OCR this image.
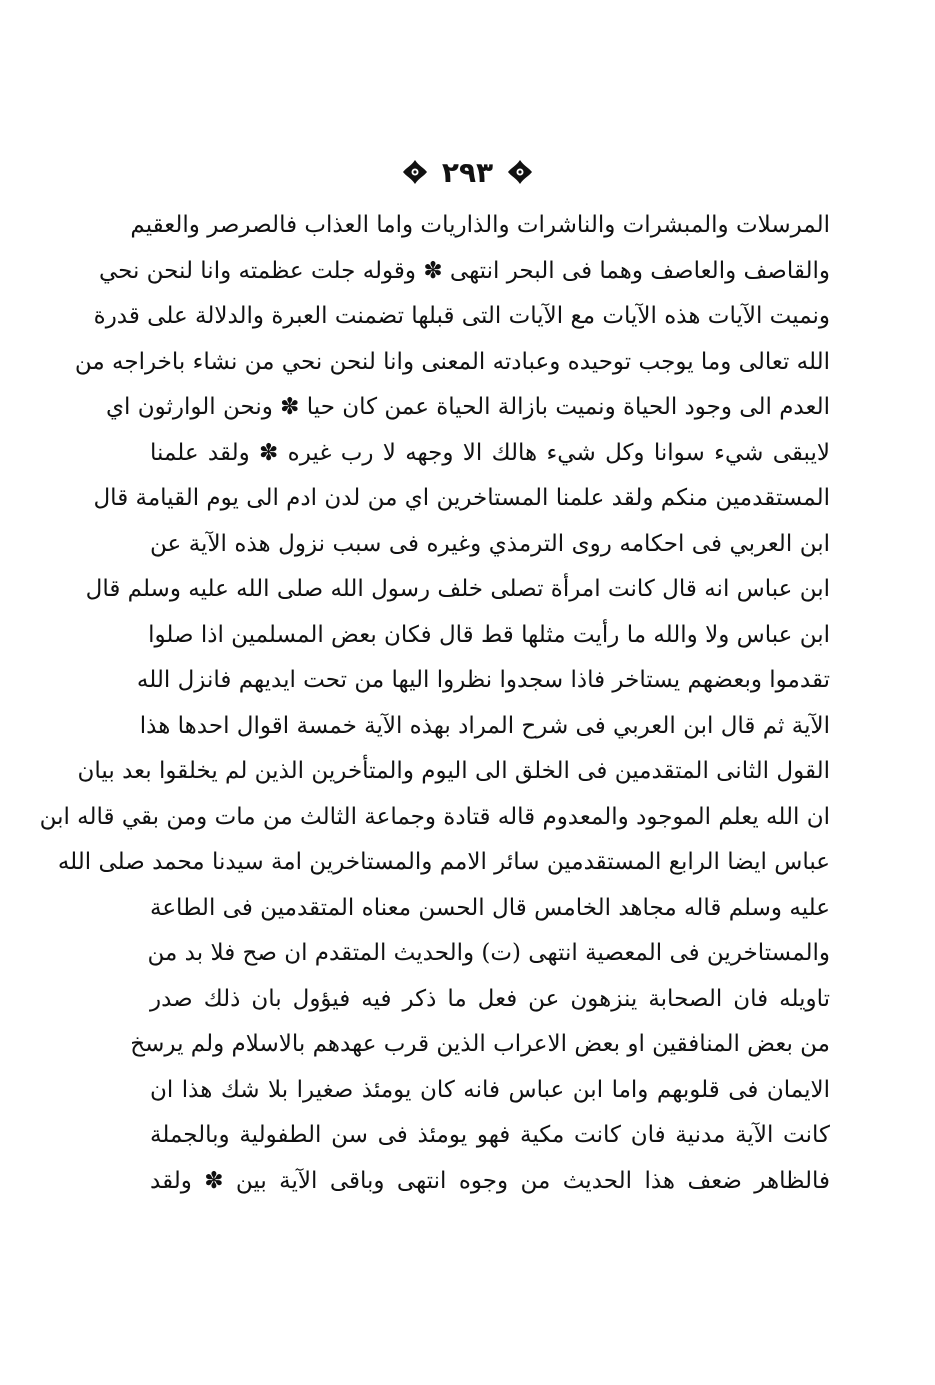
٢٩٣
المرسلات والمبشرات والناشرات والذاريات واما العذاب فالصرصر والعقيم
والقاصف والعاصف وهما فى البحر انتهى ✽ وقوله جلت عظمته وانا لنحن نحي
ونميت الآيات هذه الآيات مع الآيات التى قبلها تضمنت العبرة والدلالة على قدرة
الله تعالى وما يوجب توحيده وعبادته المعنى وانا لنحن نحي من نشاء باخراجه من
العدم الى وجود الحياة ونميت بازالة الحياة عمن كان حيا ✽ ونحن الوارثون اي
لايبقى شيء سوانا وكل شيء هالك الا وجهه لا رب غيره ✽ ولقد علمنا
المستقدمين منكم ولقد علمنا المستاخرين اي من لدن ادم الى يوم القيامة قال
ابن العربي فى احكامه روى الترمذي وغيره فى سبب نزول هذه الآية عن
ابن عباس انه قال كانت امرأة تصلى خلف رسول الله صلى الله عليه وسلم قال
ابن عباس ولا والله ما رأيت مثلها قط قال فكان بعض المسلمين اذا صلوا
تقدموا وبعضهم يستاخر فاذا سجدوا نظروا اليها من تحت ايديهم فانزل الله
الآية ثم قال ابن العربي فى شرح المراد بهذه الآية خمسة اقوال احدها هذا
القول الثانى المتقدمين فى الخلق الى اليوم والمتأخرين الذين لم يخلقوا بعد بيان
ان الله يعلم الموجود والمعدوم قاله قتادة وجماعة الثالث من مات ومن بقي قاله ابن
عباس ايضا الرابع المستقدمين سائر الامم والمستاخرين امة سيدنا محمد صلى الله
عليه وسلم قاله مجاهد الخامس قال الحسن معناه المتقدمين فى الطاعة
والمستاخرين فى المعصية انتهى (ت) والحديث المتقدم ان صح فلا بد من
تاويله فان الصحابة ينزهون عن فعل ما ذكر فيه فيؤول بان ذلك صدر
من بعض المنافقين او بعض الاعراب الذين قرب عهدهم بالاسلام ولم يرسخ
الايمان فى قلوبهم واما ابن عباس فانه كان يومئذ صغيرا بلا شك هذا ان
كانت الآية مدنية فان كانت مكية فهو يومئذ فى سن الطفولية وبالجملة
فالظاهر ضعف هذا الحديث من وجوه انتهى وباقى الآية بين ✽ ولقد
